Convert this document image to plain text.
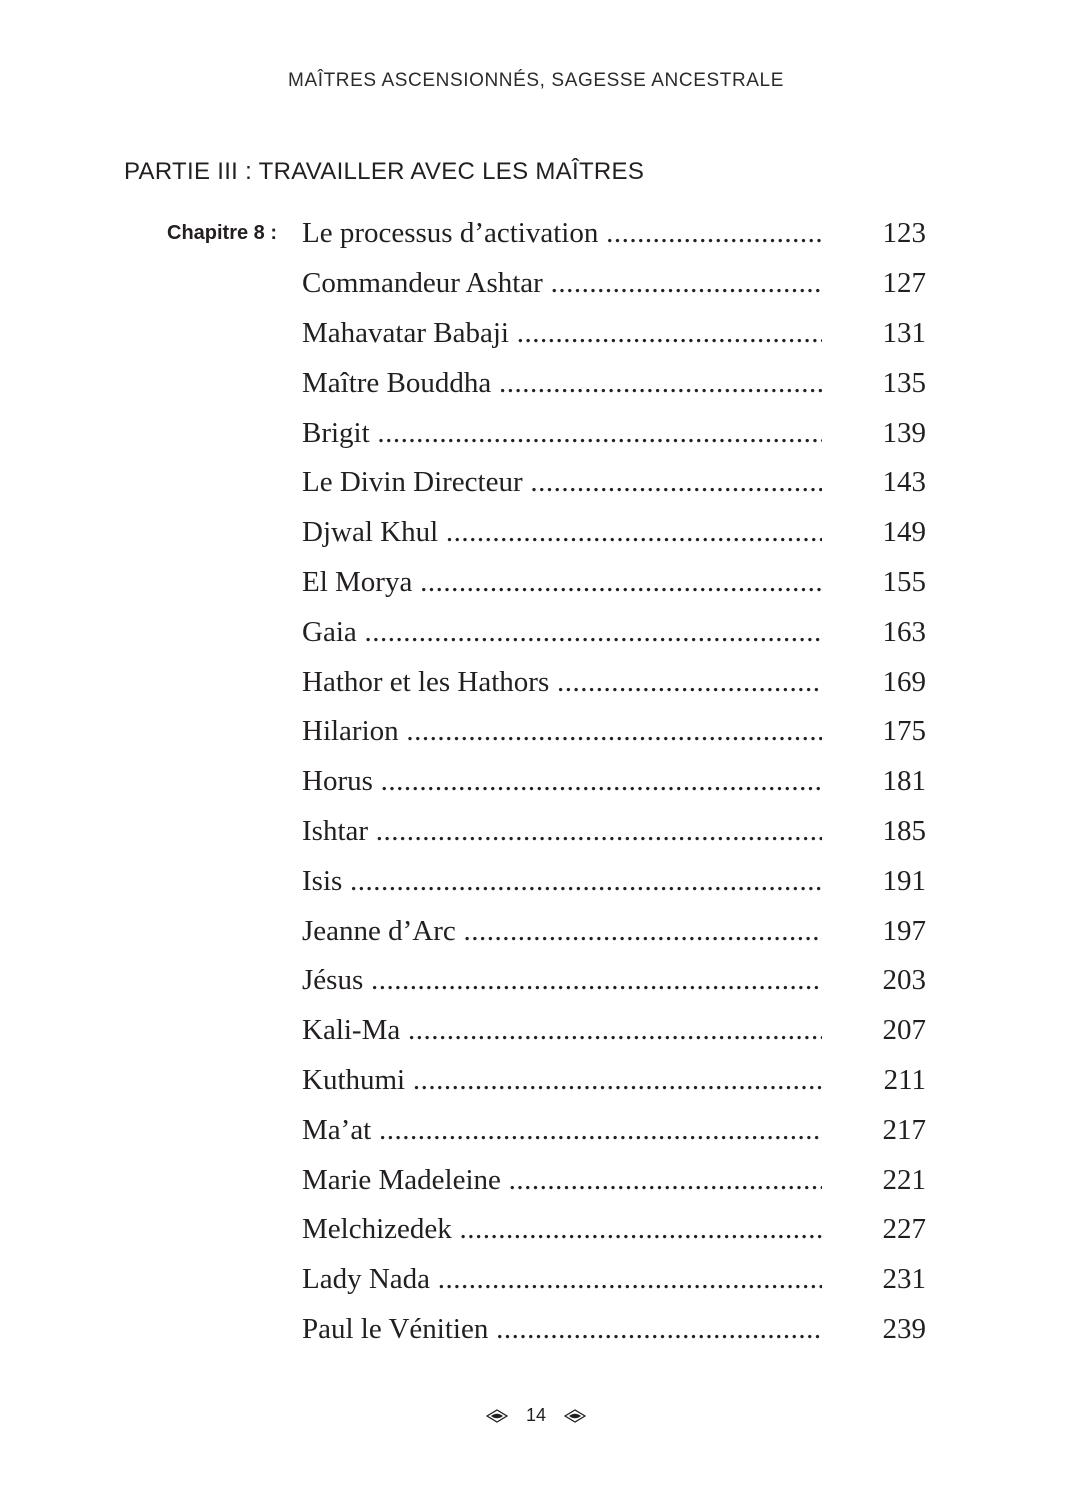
MAÎTRES ASCENSIONNÉS, SAGESSE ANCESTRALE
PARTIE III : TRAVAILLER AVEC LES MAÎTRES
Chapitre 8 : Le processus d’activation .....	123
Commandeur Ashtar .....	127
Mahavatar Babaji .....	131
Maître Bouddha .....	135
Brigit .....	139
Le Divin Directeur .....	143
Djwal Khul .....	149
El Morya .....	155
Gaia .....	163
Hathor et les Hathors .....	169
Hilarion .....	175
Horus .....	181
Ishtar .....	185
Isis .....	191
Jeanne d’Arc .....	197
Jésus .....	203
Kali-Ma .....	207
Kuthumi .....	211
Ma’at .....	217
Marie Madeleine .....	221
Melchizedek .....	227
Lady Nada .....	231
Paul le Vénitien .....	239
14
